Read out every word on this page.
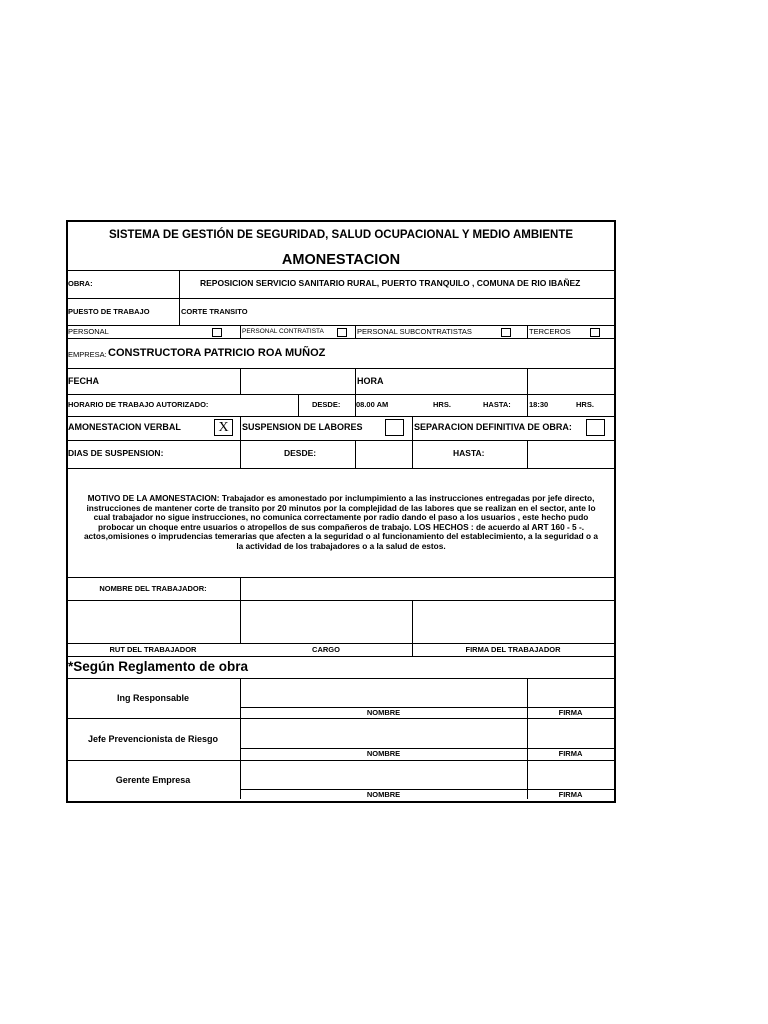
SISTEMA DE GESTIÓN DE SEGURIDAD, SALUD OCUPACIONAL Y MEDIO AMBIENTE
AMONESTACION
OBRA:	REPOSICION SERVICIO SANITARIO RURAL, PUERTO TRANQUILO , COMUNA DE RIO IBAÑEZ
PUESTO DE TRABAJO	CORTE TRANSITO
PERSONAL	PERSONAL CONTRATISTA	PERSONAL SUBCONTRATISTAS	TERCEROS
EMPRESA: CONSTRUCTORA PATRICIO ROA MUÑOZ
FECHA	HORA
HORARIO DE TRABAJO AUTORIZADO:	DESDE: 08.00 AM	HRS.	HASTA: 18:30	HRS.
AMONESTACION VERBAL	X	SUSPENSION DE LABORES	SEPARACION DEFINITIVA DE OBRA:
DIAS DE SUSPENSION:	DESDE:	HASTA:
MOTIVO DE LA AMONESTACION: Trabajador es amonestado por inclumpimiento a las instrucciones entregadas por jefe directo,
instrucciones de mantener corte de transito por 20 minutos por la complejidad de las labores que se realizan en el sector, ante lo
cual trabajador no sigue instrucciones, no comunica correctamente por radio dando el paso a los usuarios , este hecho pudo
probocar un choque entre usuarios o atropellos de sus compañeros de trabajo. LOS HECHOS : de acuerdo al ART 160 - 5 -.
actos,omisiones o imprudencias temerarias que afecten a la seguridad o al funcionamiento del establecimiento, a la seguridad o a
la actividad de los trabajadores o a la salud de estos.
NOMBRE DEL TRABAJADOR:
RUT DEL TRABAJADOR	CARGO	FIRMA DEL TRABAJADOR
*Según Reglamento de obra
Ing Responsable
NOMBRE	FIRMA
Jefe Prevencionista de Riesgo
NOMBRE	FIRMA
Gerente Empresa
NOMBRE	FIRMA
